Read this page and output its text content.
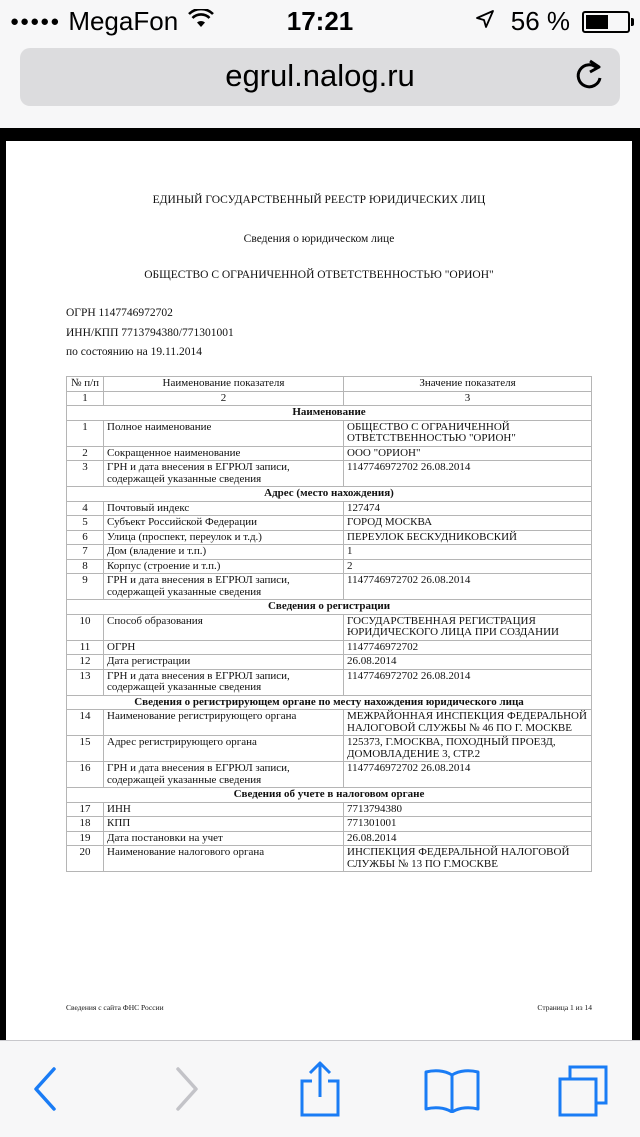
●●●●● MegaFon	17:21	56 %
egrul.nalog.ru
ЕДИНЫЙ ГОСУДАРСТВЕННЫЙ РЕЕСТР ЮРИДИЧЕСКИХ ЛИЦ
Сведения о юридическом лице
ОБЩЕСТВО С ОГРАНИЧЕННОЙ ОТВЕТСТВЕННОСТЬЮ "ОРИОН"
ОГРН 1147746972702
ИНН/КПП 7713794380/771301001
по состоянию на 19.11.2014
№ п/п	Наименование показателя	Значение показателя
1	2	3
Наименование		
1	Полное наименование	ОБЩЕСТВО С ОГРАНИЧЕННОЙ ОТВЕТСТВЕННОСТЬЮ "ОРИОН"
2	Сокращенное наименование	ООО "ОРИОН"
3	ГРН и дата внесения в ЕГРЮЛ записи, содержащей указанные сведения	1147746972702 26.08.2014
Адрес (место нахождения)		
4	Почтовый индекс	127474
5	Субъект Российской Федерации	ГОРОД МОСКВА
6	Улица (проспект, переулок и т.д.)	ПЕРЕУЛОК БЕСКУДНИКОВСКИЙ
7	Дом (владение и т.п.)	1
8	Корпус (строение и т.п.)	2
9	ГРН и дата внесения в ЕГРЮЛ записи, содержащей указанные сведения	1147746972702 26.08.2014
Сведения о регистрации		
10	Способ образования	ГОСУДАРСТВЕННАЯ РЕГИСТРАЦИЯ ЮРИДИЧЕСКОГО ЛИЦА ПРИ СОЗДАНИИ
11	ОГРН	1147746972702
12	Дата регистрации	26.08.2014
13	ГРН и дата внесения в ЕГРЮЛ записи, содержащей указанные сведения	1147746972702 26.08.2014
Сведения о регистрирующем органе по месту нахождения юридического лица		
14	Наименование регистрирующего органа	МЕЖРАЙОННАЯ ИНСПЕКЦИЯ ФЕДЕРАЛЬНОЙ НАЛОГОВОЙ СЛУЖБЫ № 46 ПО Г. МОСКВЕ
15	Адрес регистрирующего органа	125373, Г.МОСКВА, ПОХОДНЫЙ ПРОЕЗД, ДОМОВЛАДЕНИЕ 3, СТР.2
16	ГРН и дата внесения в ЕГРЮЛ записи, содержащей указанные сведения	1147746972702 26.08.2014
Сведения об учете в налоговом органе		
17	ИНН	7713794380
18	КПП	771301001
19	Дата постановки на учет	26.08.2014
20	Наименование налогового органа	ИНСПЕКЦИЯ ФЕДЕРАЛЬНОЙ НАЛОГОВОЙ СЛУЖБЫ № 13 ПО Г.МОСКВЕ
Сведения с сайта ФНС России	Страница 1 из 14
